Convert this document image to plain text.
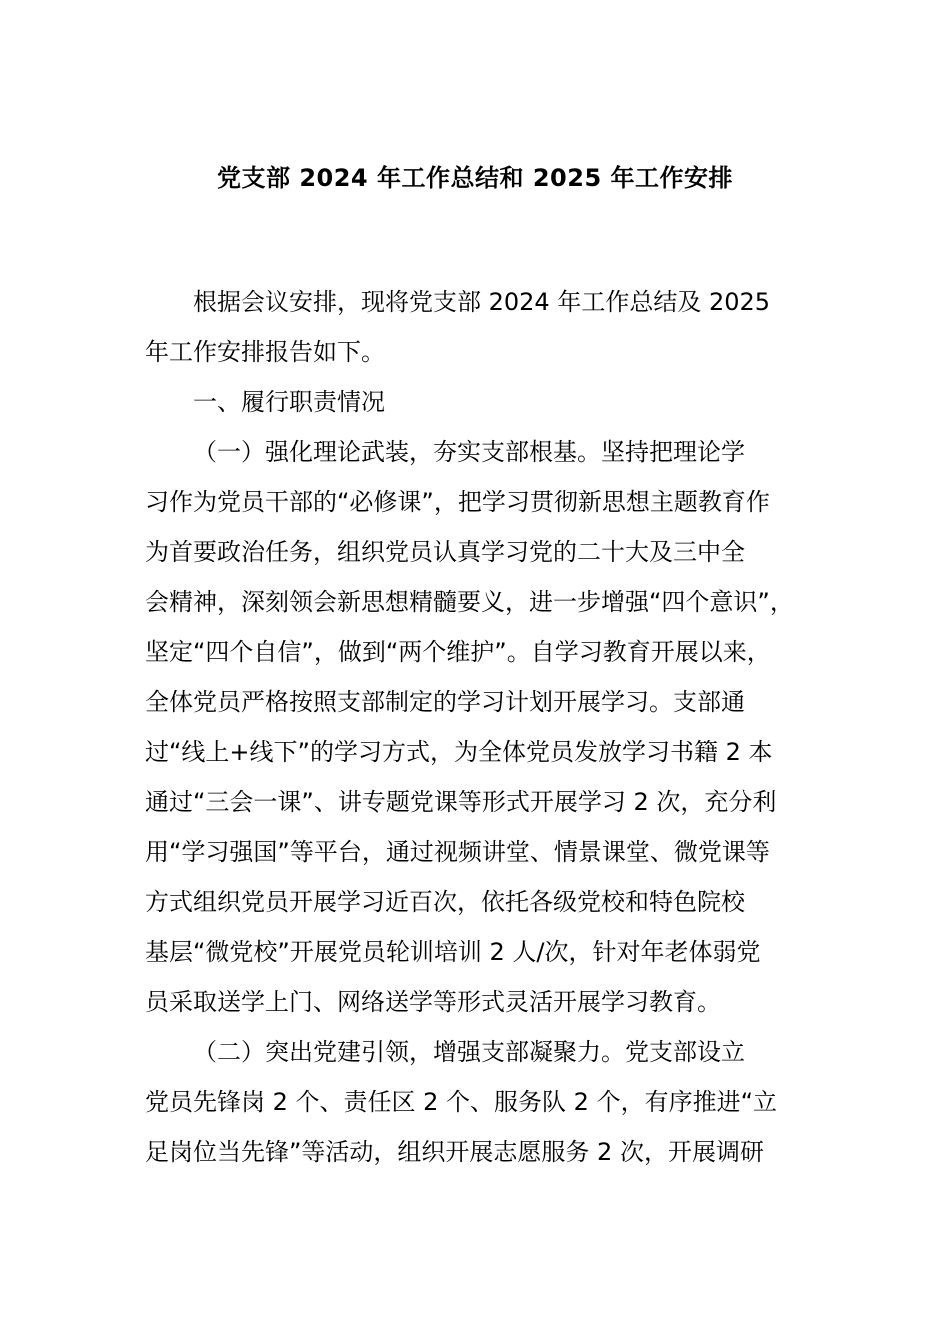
党支部 2024 年工作总结和 2025 年工作安排
根据会议安排，现将党支部 2024 年工作总结及 2025
年工作安排报告如下。
一、履行职责情况
（一）强化理论武装，夯实支部根基。坚持把理论学
习作为党员干部的“必修课”，把学习贯彻新思想主题教育作
为首要政治任务，组织党员认真学习党的二十大及三中全
会精神，深刻领会新思想精髓要义，进一步增强“四个意识”，
坚定“四个自信”，做到“两个维护”。自学习教育开展以来，
全体党员严格按照支部制定的学习计划开展学习。支部通
过“线上+线下”的学习方式，为全体党员发放学习书籍 2 本
通过“三会一课”、讲专题党课等形式开展学习 2 次，充分利
用“学习强国”等平台，通过视频讲堂、情景课堂、微党课等
方式组织党员开展学习近百次，依托各级党校和特色院校
基层“微党校”开展党员轮训培训 2 人/次，针对年老体弱党
员采取送学上门、网络送学等形式灵活开展学习教育。
（二）突出党建引领，增强支部凝聚力。党支部设立
党员先锋岗 2 个、责任区 2 个、服务队 2 个，有序推进“立
足岗位当先锋”等活动，组织开展志愿服务 2 次，开展调研
